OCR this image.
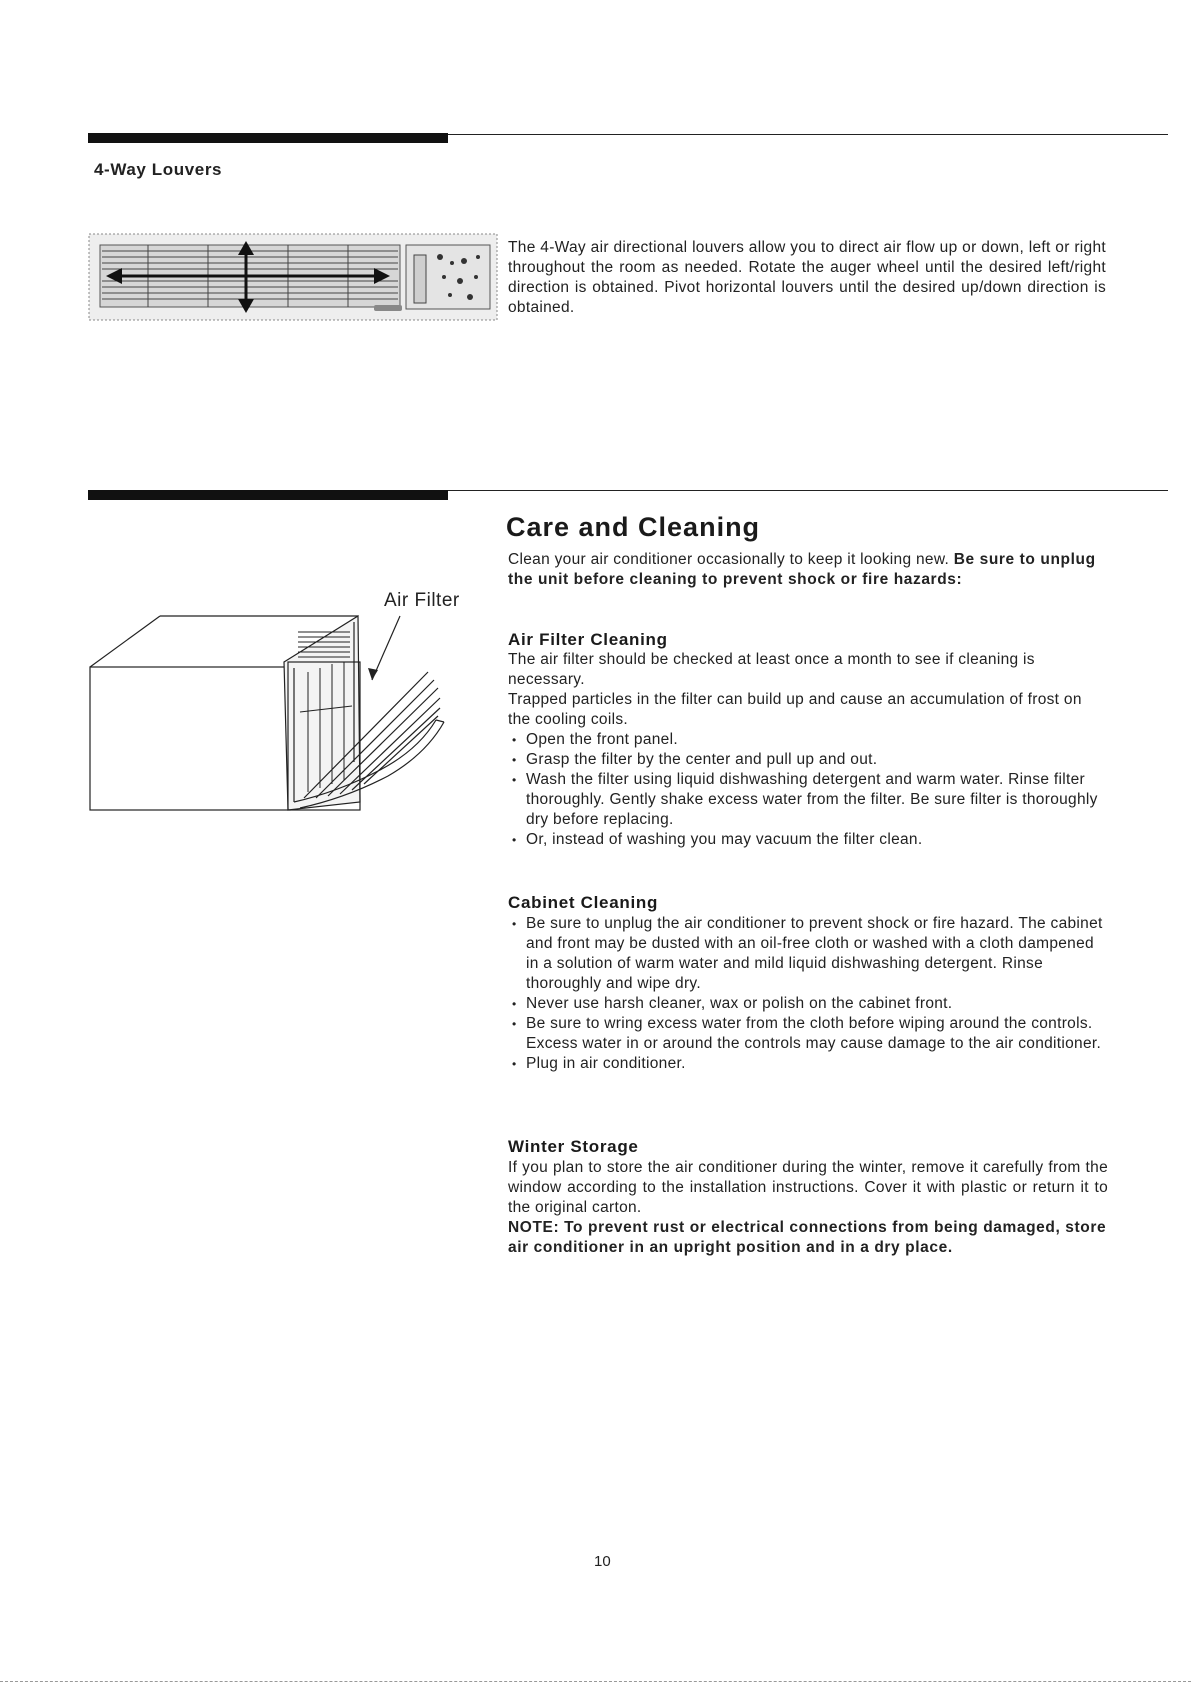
4-Way Louvers
The 4-Way air directional louvers allow you to direct air flow up or down, left or right throughout the room as needed. Rotate the auger wheel until the desired left/right direction is obtained. Pivot horizontal louvers until the desired up/down direction is obtained.
Care and Cleaning
Clean your air conditioner occasionally to keep it looking new. Be sure to unplug the unit before cleaning to prevent shock or fire hazards:
Air Filter
Air Filter Cleaning
The air filter should be checked at least once a month to see if cleaning is necessary.
Trapped particles in the filter can build up and cause an accumulation of frost on the cooling coils.
• Open the front panel.
• Grasp the filter by the center and pull up and out.
• Wash the filter using liquid dishwashing detergent and warm water. Rinse filter thoroughly. Gently shake excess water from the filter. Be sure filter is thoroughly dry before replacing.
• Or, instead of washing you may vacuum the filter clean.
Cabinet Cleaning
• Be sure to unplug the air conditioner to prevent shock or fire hazard. The cabinet and front may be dusted with an oil-free cloth or washed with a cloth dampened in a solution of warm water and mild liquid dishwashing detergent. Rinse thoroughly and wipe dry.
• Never use harsh cleaner, wax or polish on the cabinet front.
• Be sure to wring excess water from the cloth before wiping around the controls. Excess water in or around the controls may cause damage to the air conditioner.
• Plug in air conditioner.
Winter Storage
If you plan to store the air conditioner during the winter, remove it carefully from the window according to the installation instructions. Cover it with plastic or return it to the original carton.
NOTE: To prevent rust or electrical connections from being damaged, store air conditioner in an upright position and in a dry place.
10
